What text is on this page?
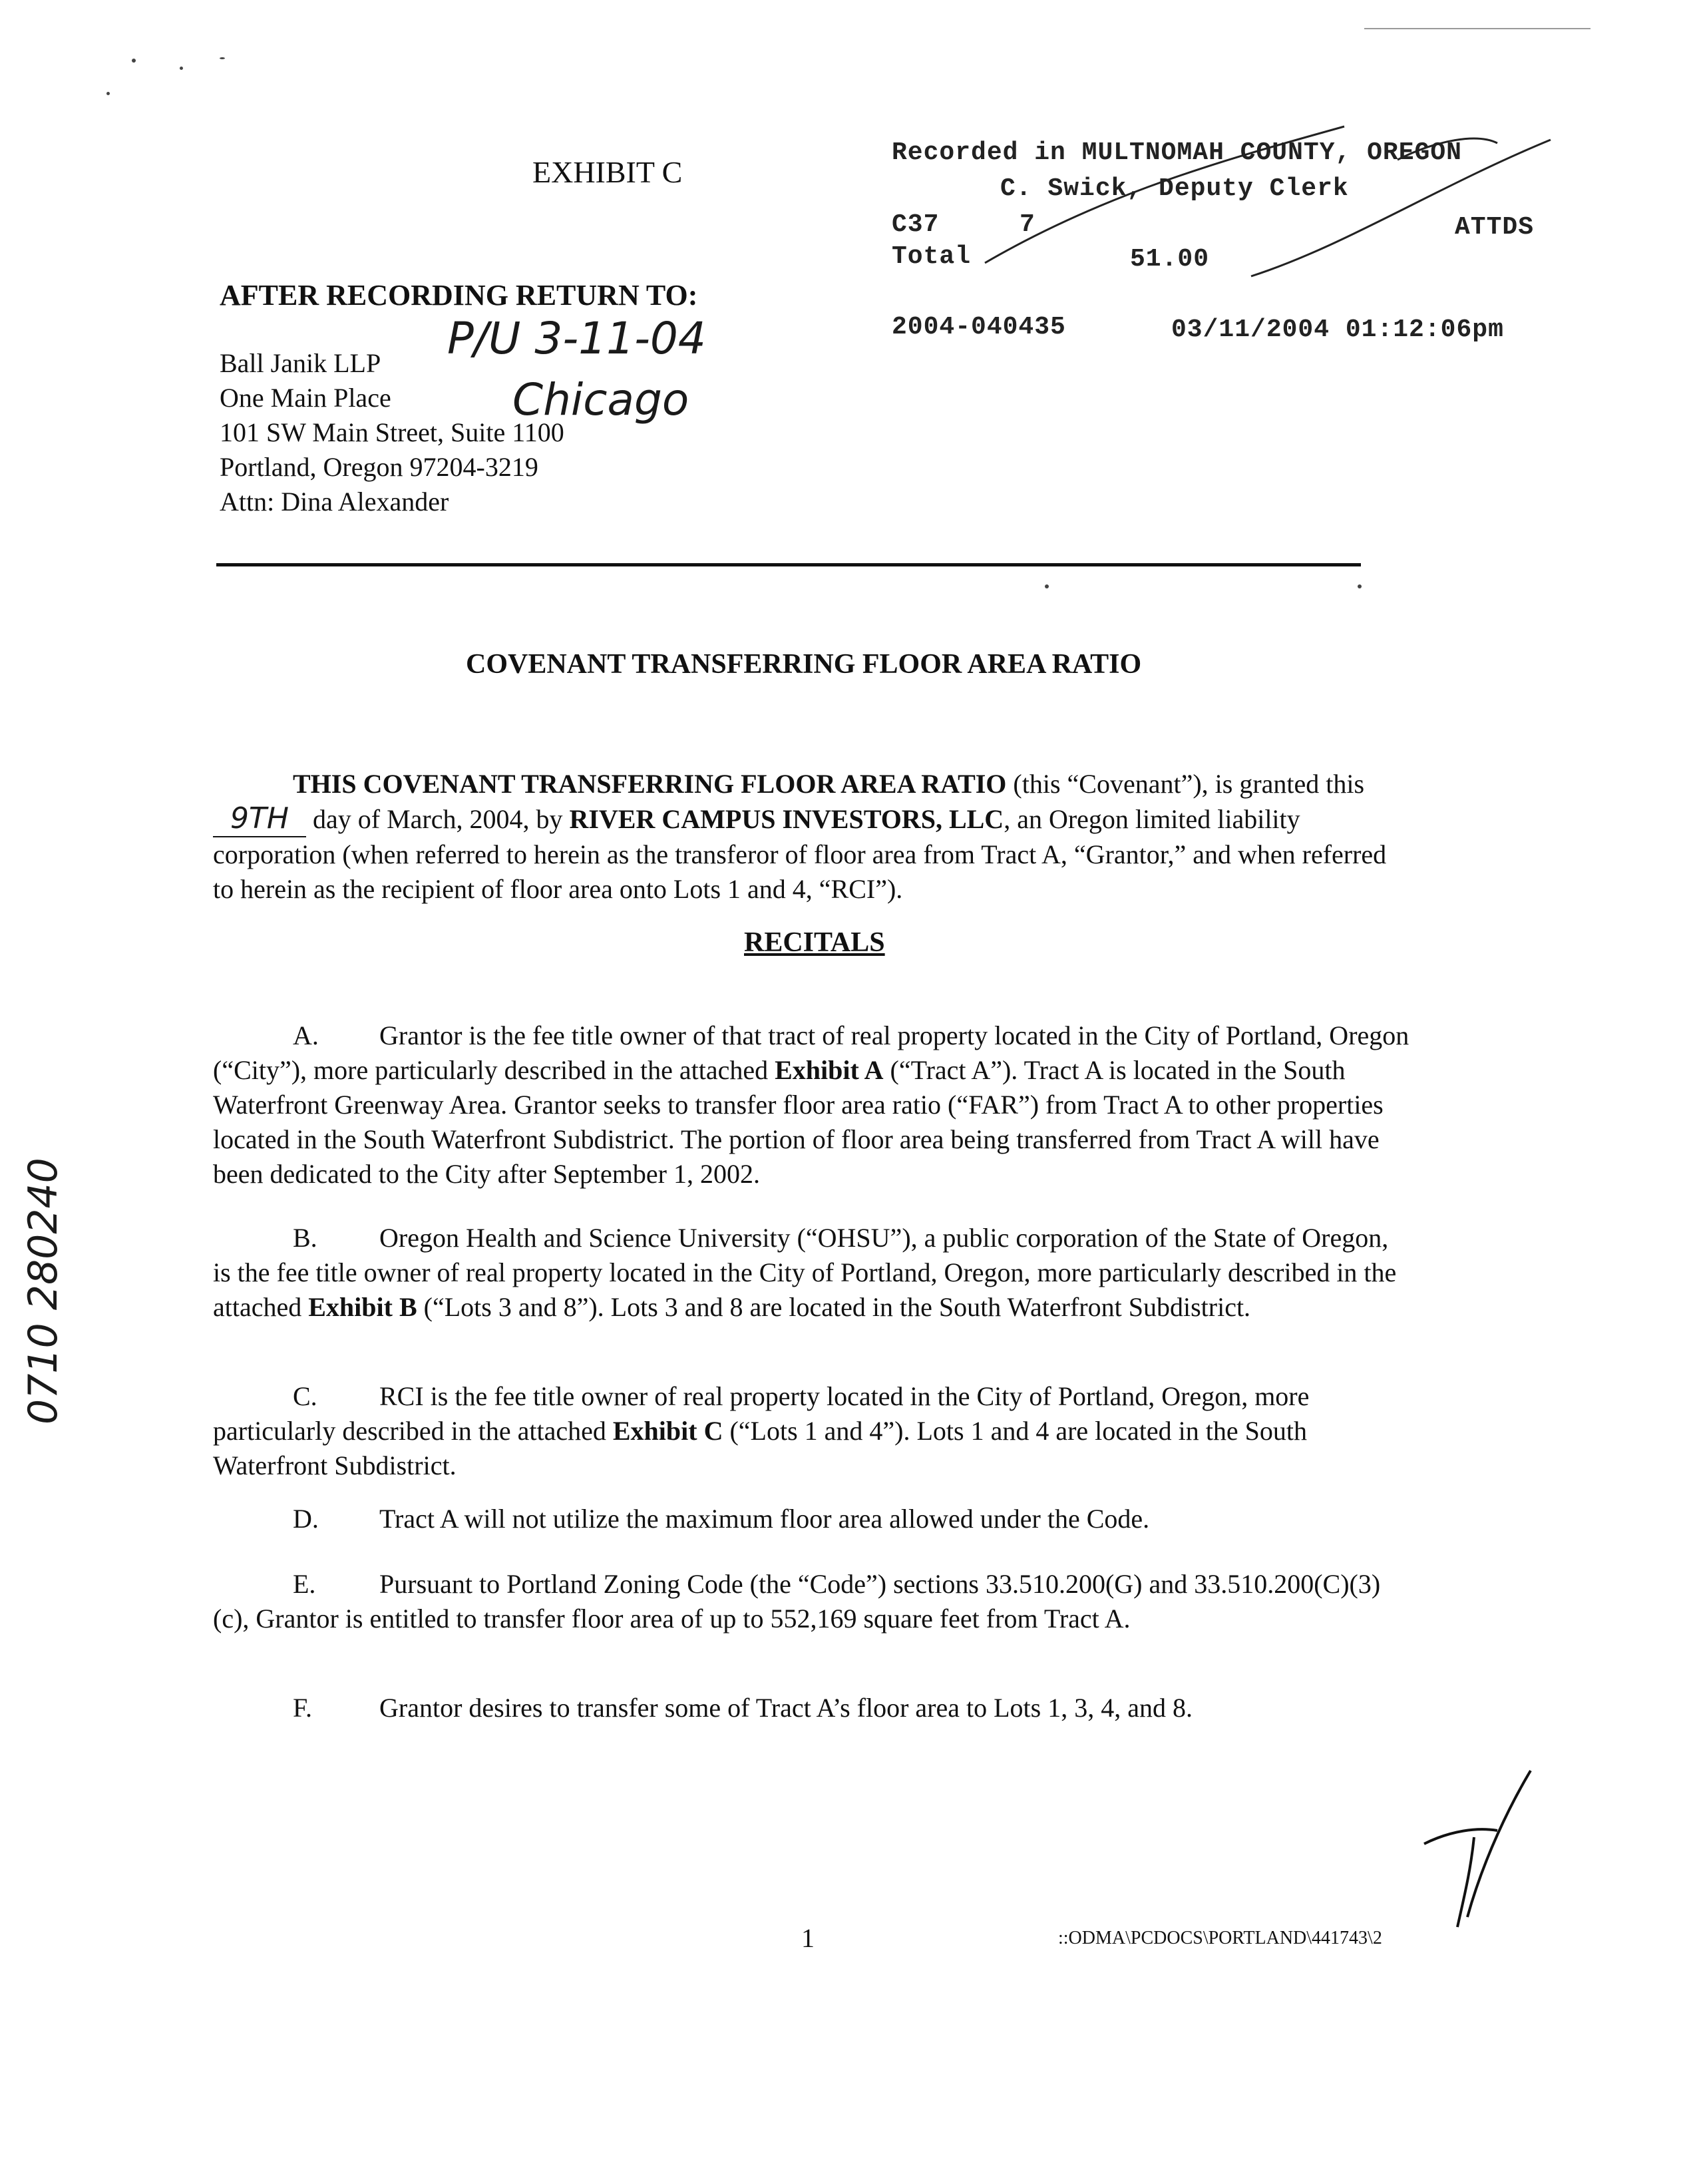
EXHIBIT C
Recorded in MULTNOMAH COUNTY, OREGON
C. Swick, Deputy Clerk
C37	7	ATTDS
Total	51.00
2004-040435	03/11/2004 01:12:06pm
AFTER RECORDING RETURN TO:
Ball Janik LLP
One Main Place
101 SW Main Street, Suite 1100
Portland, Oregon 97204-3219
Attn: Dina Alexander
P/U 3-11-04
Chicago
0710 280240
COVENANT TRANSFERRING FLOOR AREA RATIO

THIS COVENANT TRANSFERRING FLOOR AREA RATIO (this “Covenant”), is granted this 9TH day of March, 2004, by RIVER CAMPUS INVESTORS, LLC, an Oregon limited liability corporation (when referred to herein as the transferor of floor area from Tract A, “Grantor,” and when referred to herein as the recipient of floor area onto Lots 1 and 4, “RCI”).

RECITALS

A. Grantor is the fee title owner of that tract of real property located in the City of Portland, Oregon (“City”), more particularly described in the attached Exhibit A (“Tract A”). Tract A is located in the South Waterfront Greenway Area. Grantor seeks to transfer floor area ratio (“FAR”) from Tract A to other properties located in the South Waterfront Subdistrict. The portion of floor area being transferred from Tract A will have been dedicated to the City after September 1, 2002.

B. Oregon Health and Science University (“OHSU”), a public corporation of the State of Oregon, is the fee title owner of real property located in the City of Portland, Oregon, more particularly described in the attached Exhibit B (“Lots 3 and 8”). Lots 3 and 8 are located in the South Waterfront Subdistrict.

C. RCI is the fee title owner of real property located in the City of Portland, Oregon, more particularly described in the attached Exhibit C (“Lots 1 and 4”). Lots 1 and 4 are located in the South Waterfront Subdistrict.

D. Tract A will not utilize the maximum floor area allowed under the Code.

E. Pursuant to Portland Zoning Code (the “Code”) sections 33.510.200(G) and 33.510.200(C)(3)(c), Grantor is entitled to transfer floor area of up to 552,169 square feet from Tract A.

F.	Grantor desires to transfer some of Tract A’s floor area to Lots 1, 3, 4, and 8.

1	::ODMA\PCDOCS\PORTLAND\441743\2
